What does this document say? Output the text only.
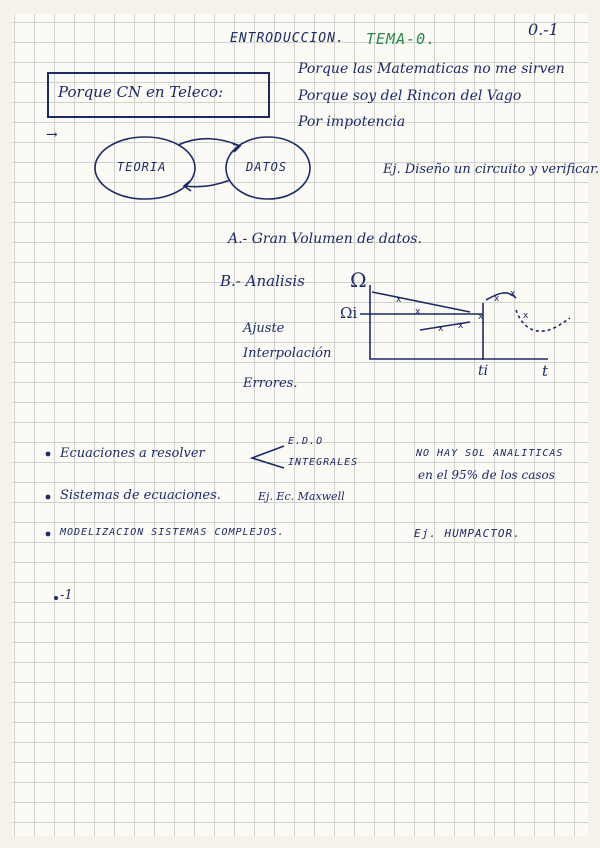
ENTRODUCCION. TEMA-0.	0.-1
Porque CN en Teleco:
Porque las Matematicas no me sirven
Porque soy del Rincon del Vago
Por impotencia
→
x
x
x x
x
x x
x
TEORIA	DATOS	Ej. Diseño un circuito y verificar.
A.- Gran Volumen de datos.
B.- Analisis
Ajuste
Interpolación
Errores.
Ω
Ωi
ti	t
Ecuaciones a resolver
E.D.O
INTEGRALES
NO HAY SOL ANALITICAS
en el 95% de los casos
Sistemas de ecuaciones.	Ej. Ec. Maxwell
MODELIZACION SISTEMAS COMPLEJOS.	Ej. HUMPACTOR.
-1
